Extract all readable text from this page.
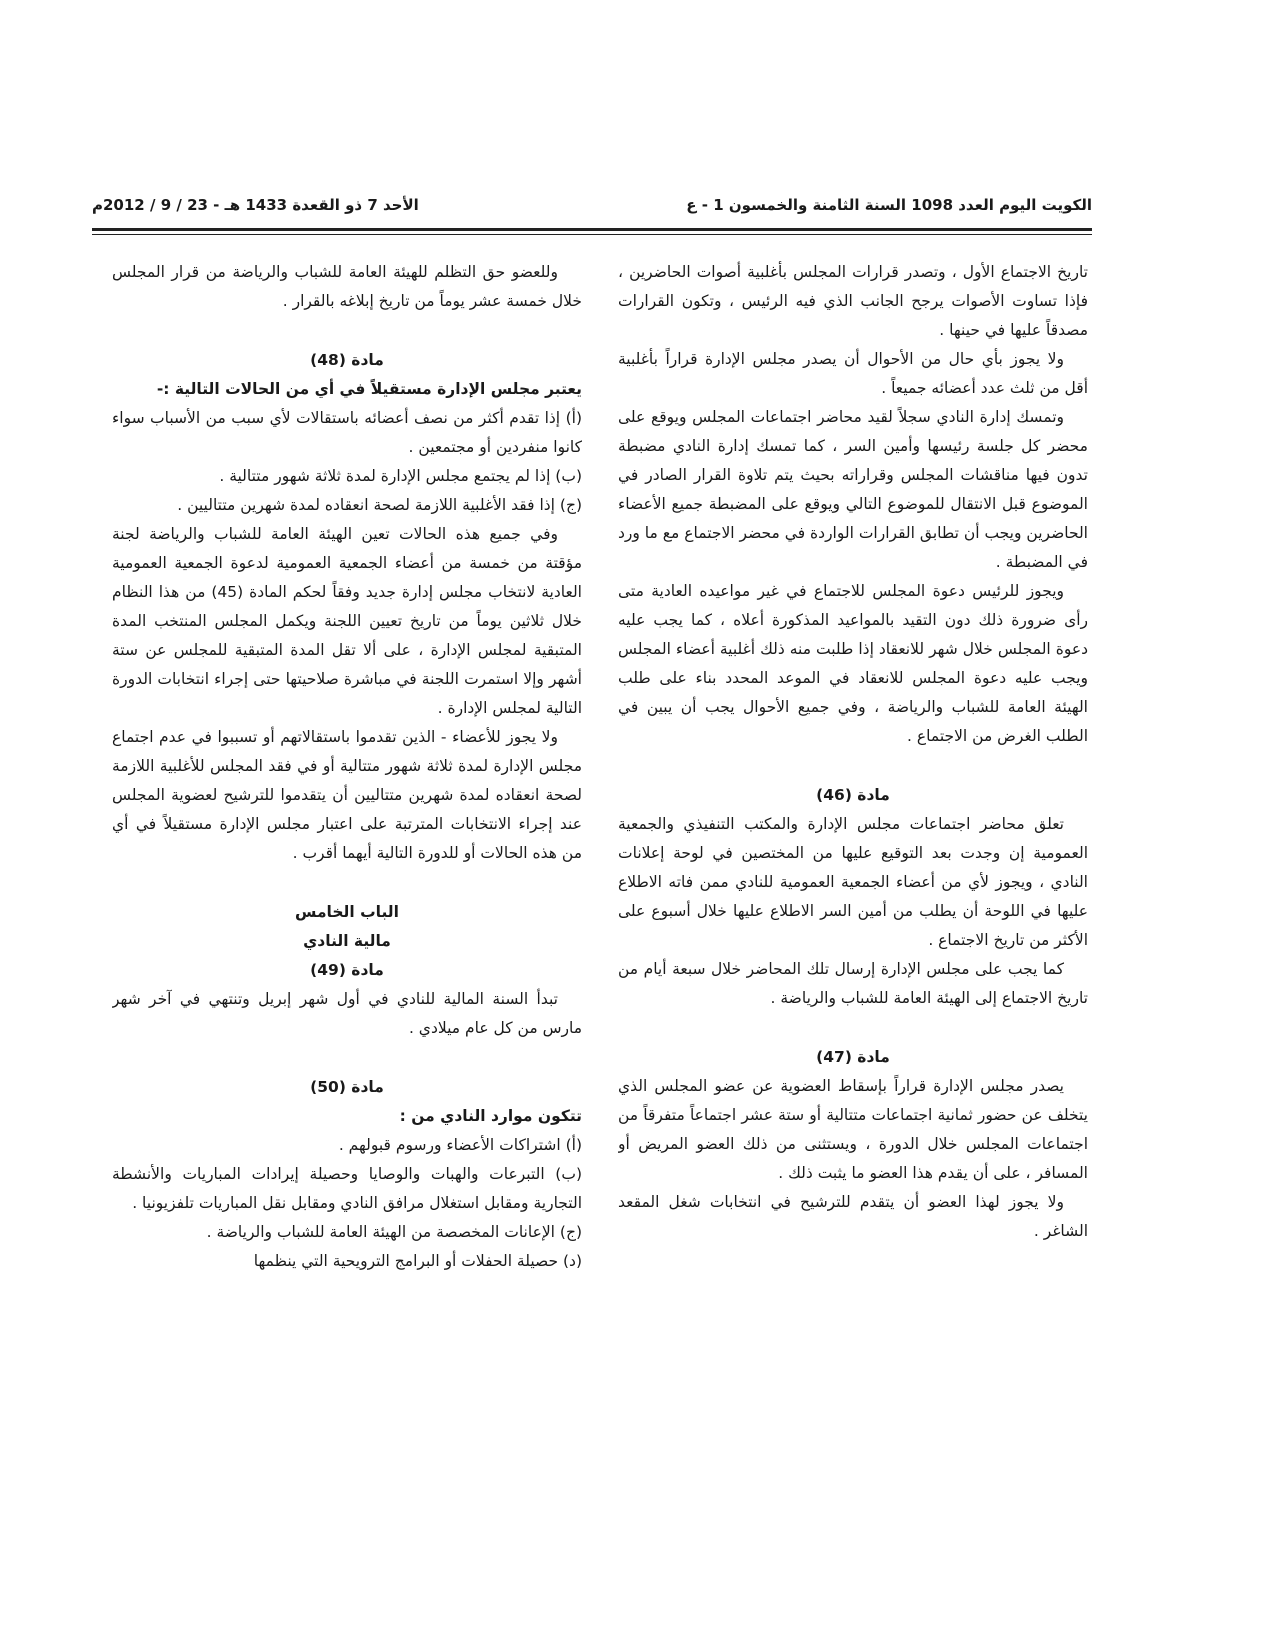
الكويت اليوم العدد 1098 السنة الثامنة والخمسون 1 - ع
الأحد 7 ذو القعدة 1433 هـ - 23 / 9 / 2012م

تاريخ الاجتماع الأول ، وتصدر قرارات المجلس بأغلبية أصوات الحاضرين ، فإذا تساوت الأصوات يرجح الجانب الذي فيه الرئيس ، وتكون القرارات مصدقاً عليها في حينها .

ولا يجوز بأي حال من الأحوال أن يصدر مجلس الإدارة قراراً بأغلبية أقل من ثلث عدد أعضائه جميعاً .

وتمسك إدارة النادي سجلاً لقيد محاضر اجتماعات المجلس ويوقع على محضر كل جلسة رئيسها وأمين السر ، كما تمسك إدارة النادي مضبطة تدون فيها مناقشات المجلس وقراراته بحيث يتم تلاوة القرار الصادر في الموضوع قبل الانتقال للموضوع التالي ويوقع على المضبطة جميع الأعضاء الحاضرين ويجب أن تطابق القرارات الواردة في محضر الاجتماع مع ما ورد في المضبطة .

ويجوز للرئيس دعوة المجلس للاجتماع في غير مواعيده العادية متى رأى ضرورة ذلك دون التقيد بالمواعيد المذكورة أعلاه ، كما يجب عليه دعوة المجلس خلال شهر للانعقاد إذا طلبت منه ذلك أغلبية أعضاء المجلس ويجب عليه دعوة المجلس للانعقاد في الموعد المحدد بناء على طلب الهيئة العامة للشباب والرياضة ، وفي جميع الأحوال يجب أن يبين في الطلب الغرض من الاجتماع .

مادة (46)

تعلق محاضر اجتماعات مجلس الإدارة والمكتب التنفيذي والجمعية العمومية إن وجدت بعد التوقيع عليها من المختصين في لوحة إعلانات النادي ، ويجوز لأي من أعضاء الجمعية العمومية للنادي ممن فاته الاطلاع عليها في اللوحة أن يطلب من أمين السر الاطلاع عليها خلال أسبوع على الأكثر من تاريخ الاجتماع .

كما يجب على مجلس الإدارة إرسال تلك المحاضر خلال سبعة أيام من تاريخ الاجتماع إلى الهيئة العامة للشباب والرياضة .

مادة (47)

يصدر مجلس الإدارة قراراً بإسقاط العضوية عن عضو المجلس الذي يتخلف عن حضور ثمانية اجتماعات متتالية أو ستة عشر اجتماعاً متفرقاً من اجتماعات المجلس خلال الدورة ، ويستثنى من ذلك العضو المريض أو المسافر ، على أن يقدم هذا العضو ما يثبت ذلك .

ولا يجوز لهذا العضو أن يتقدم للترشيح في انتخابات شغل المقعد الشاغر .

وللعضو حق التظلم للهيئة العامة للشباب والرياضة من قرار المجلس خلال خمسة عشر يوماً من تاريخ إبلاغه بالقرار .

مادة (48)

يعتبر مجلس الإدارة مستقيلاً في أي من الحالات التالية :-

(أ) إذا تقدم أكثر من نصف أعضائه باستقالات لأي سبب من الأسباب سواء كانوا منفردين أو مجتمعين .

(ب) إذا لم يجتمع مجلس الإدارة لمدة ثلاثة شهور متتالية .

(ج) إذا فقد الأغلبية اللازمة لصحة انعقاده لمدة شهرين متتاليين .

وفي جميع هذه الحالات تعين الهيئة العامة للشباب والرياضة لجنة مؤقتة من خمسة من أعضاء الجمعية العمومية لدعوة الجمعية العمومية العادية لانتخاب مجلس إدارة جديد وفقاً لحكم المادة (45) من هذا النظام خلال ثلاثين يوماً من تاريخ تعيين اللجنة ويكمل المجلس المنتخب المدة المتبقية لمجلس الإدارة ، على ألا تقل المدة المتبقية للمجلس عن ستة أشهر وإلا استمرت اللجنة في مباشرة صلاحيتها حتى إجراء انتخابات الدورة التالية لمجلس الإدارة .

ولا يجوز للأعضاء - الذين تقدموا باستقالاتهم أو تسببوا في عدم اجتماع مجلس الإدارة لمدة ثلاثة شهور متتالية أو في فقد المجلس للأغلبية اللازمة لصحة انعقاده لمدة شهرين متتاليين أن يتقدموا للترشيح لعضوية المجلس عند إجراء الانتخابات المترتبة على اعتبار مجلس الإدارة مستقيلاً في أي من هذه الحالات أو للدورة التالية أيهما أقرب .

الباب الخامس

مالية النادي

مادة (49)

تبدأ السنة المالية للنادي في أول شهر إبريل وتنتهي في آخر شهر مارس من كل عام ميلادي .

مادة (50)

تتكون موارد النادي من :

(أ) اشتراكات الأعضاء ورسوم قبولهم .

(ب) التبرعات والهبات والوصايا وحصيلة إيرادات المباريات والأنشطة التجارية ومقابل استغلال مرافق النادي ومقابل نقل المباريات تلفزيونيا .

(ج) الإعانات المخصصة من الهيئة العامة للشباب والرياضة .

(د) حصيلة الحفلات أو البرامج الترويحية التي ينظمها
